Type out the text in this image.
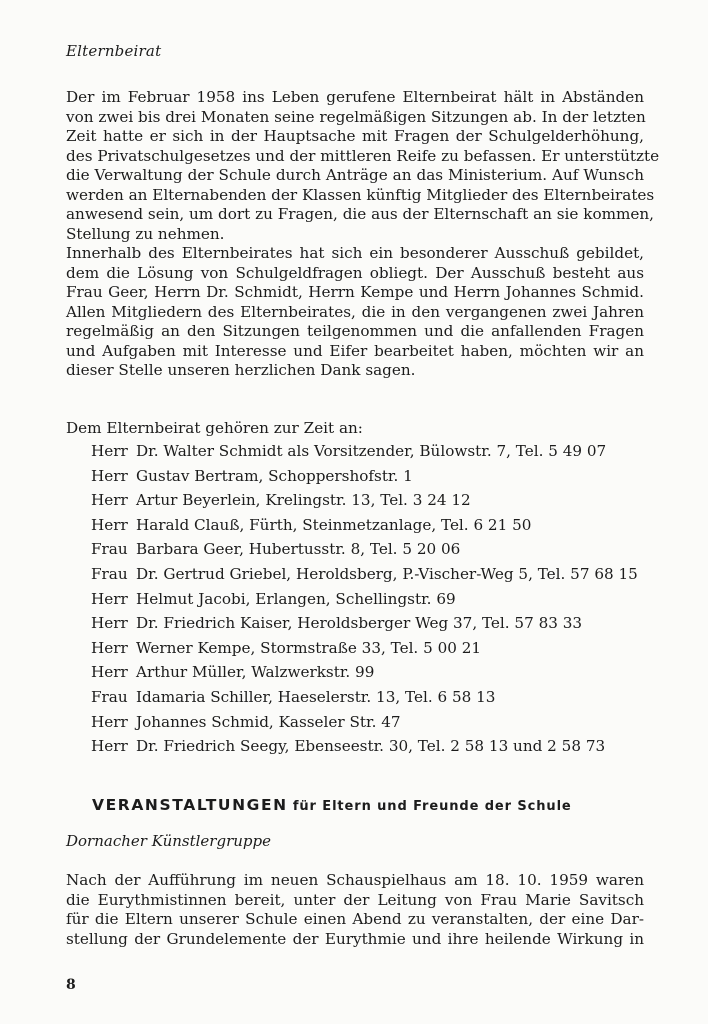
Elternbeirat
Der im Februar 1958 ins Leben gerufene Elternbeirat hält in Abständen
von zwei bis drei Monaten seine regelmäßigen Sitzungen ab. In der letzten
Zeit hatte er sich in der Hauptsache mit Fragen der Schulgelderhöhung,
des Privatschulgesetzes und der mittleren Reife zu befassen. Er unterstützte
die Verwaltung der Schule durch Anträge an das Ministerium. Auf Wunsch
werden an Elternabenden der Klassen künftig Mitglieder des Elternbeirates
anwesend sein, um dort zu Fragen, die aus der Elternschaft an sie kommen,
Stellung zu nehmen.
Innerhalb des Elternbeirates hat sich ein besonderer Ausschuß gebildet,
dem die Lösung von Schulgeldfragen obliegt. Der Ausschuß besteht aus
Frau Geer, Herrn Dr. Schmidt, Herrn Kempe und Herrn Johannes Schmid.
Allen Mitgliedern des Elternbeirates, die in den vergangenen zwei Jahren
regelmäßig an den Sitzungen teilgenommen und die anfallenden Fragen
und Aufgaben mit Interesse und Eifer bearbeitet haben, möchten wir an
dieser Stelle unseren herzlichen Dank sagen.
Dem Elternbeirat gehören zur Zeit an:
Herr Dr. Walter Schmidt als Vorsitzender, Bülowstr. 7, Tel. 5 49 07
Herr Gustav Bertram, Schoppershofstr. 1
Herr Artur Beyerlein, Krelingstr. 13, Tel. 3 24 12
Herr Harald Clauß, Fürth, Steinmetzanlage, Tel. 6 21 50
Frau Barbara Geer, Hubertusstr. 8, Tel. 5 20 06
Frau Dr. Gertrud Griebel, Heroldsberg, P.-Vischer-Weg 5, Tel. 57 68 15
Herr Helmut Jacobi, Erlangen, Schellingstr. 69
Herr Dr. Friedrich Kaiser, Heroldsberger Weg 37, Tel. 57 83 33
Herr Werner Kempe, Stormstraße 33, Tel. 5 00 21
Herr Arthur Müller, Walzwerkstr. 99
Frau Idamaria Schiller, Haeselerstr. 13, Tel. 6 58 13
Herr Johannes Schmid, Kasseler Str. 47
Herr Dr. Friedrich Seegy, Ebenseestr. 30, Tel. 2 58 13 und 2 58 73
VERANSTALTUNGEN für Eltern und Freunde der Schule
Dornacher Künstlergruppe
Nach der Aufführung im neuen Schauspielhaus am 18. 10. 1959 waren
die Eurythmistinnen bereit, unter der Leitung von Frau Marie Savitsch
für die Eltern unserer Schule einen Abend zu veranstalten, der eine Dar-
stellung der Grundelemente der Eurythmie und ihre heilende Wirkung in
8
